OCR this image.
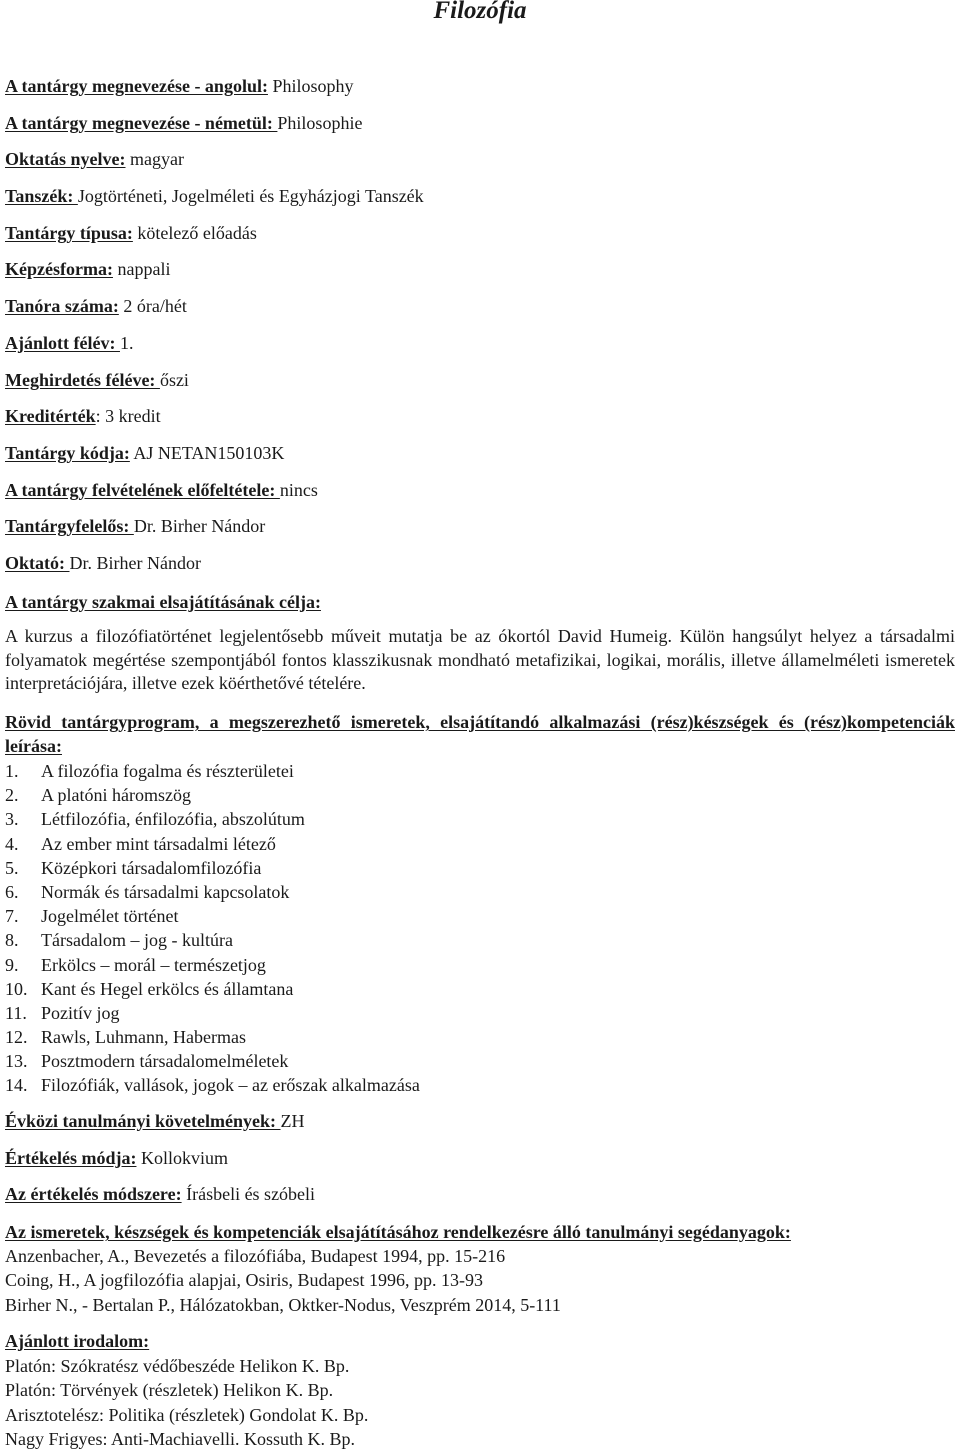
Filozófia
A tantárgy megnevezése - angolul: Philosophy
A tantárgy megnevezése - németül: Philosophie
Oktatás nyelve: magyar
Tanszék: Jogtörténeti, Jogelméleti és Egyházjogi Tanszék
Tantárgy típusa: kötelező előadás
Képzésforma: nappali
Tanóra száma: 2 óra/hét
Ajánlott félév: 1.
Meghirdetés féléve: őszi
Kreditérték: 3 kredit
Tantárgy kódja: AJ NETAN150103K
A tantárgy felvételének előfeltétele: nincs
Tantárgyfelelős: Dr. Birher Nándor
Oktató: Dr. Birher Nándor
A tantárgy szakmai elsajátításának célja:
A kurzus a filozófiatörténet legjelentősebb műveit mutatja be az ókortól David Humeig. Külön hangsúlyt helyez a társadalmi folyamatok megértése szempontjából fontos klasszikusnak mondható metafizikai, logikai, morális, illetve államelméleti ismeretek interpretációjára, illetve ezek köérthetővé tételére.
Rövid tantárgyprogram, a megszerezhető ismeretek, elsajátítandó alkalmazási (rész)készségek és (rész)kompetenciák leírása:
1. A filozófia fogalma és részterületei
2. A platóni háromszög
3. Létfilozófia, énfilozófia, abszolútum
4. Az ember mint társadalmi létező
5. Középkori társadalomfilozófia
6. Normák és társadalmi kapcsolatok
7. Jogelmélet történet
8. Társadalom – jog - kultúra
9. Erkölcs – morál – természetjog
10. Kant és Hegel erkölcs és államtana
11. Pozitív jog
12. Rawls, Luhmann, Habermas
13. Posztmodern társadalomelméletek
14. Filozófiák, vallások, jogok – az erőszak alkalmazása
Évközi tanulmányi követelmények: ZH
Értékelés módja: Kollokvium
Az értékelés módszere: Írásbeli és szóbeli
Az ismeretek, készségek és kompetenciák elsajátításához rendelkezésre álló tanulmányi segédanyagok:
Anzenbacher, A., Bevezetés a filozófiába, Budapest 1994, pp. 15-216
Coing, H., A jogfilozófia alapjai, Osiris, Budapest 1996, pp. 13-93
Birher N., - Bertalan P., Hálózatokban, Oktker-Nodus, Veszprém 2014, 5-111
Ajánlott irodalom:
Platón: Szókratész védőbeszéde Helikon K. Bp.
Platón: Törvények (részletek) Helikon K. Bp.
Arisztotelész: Politika (részletek) Gondolat K. Bp.
Nagy Frigyes: Anti-Machiavelli. Kossuth K. Bp.
